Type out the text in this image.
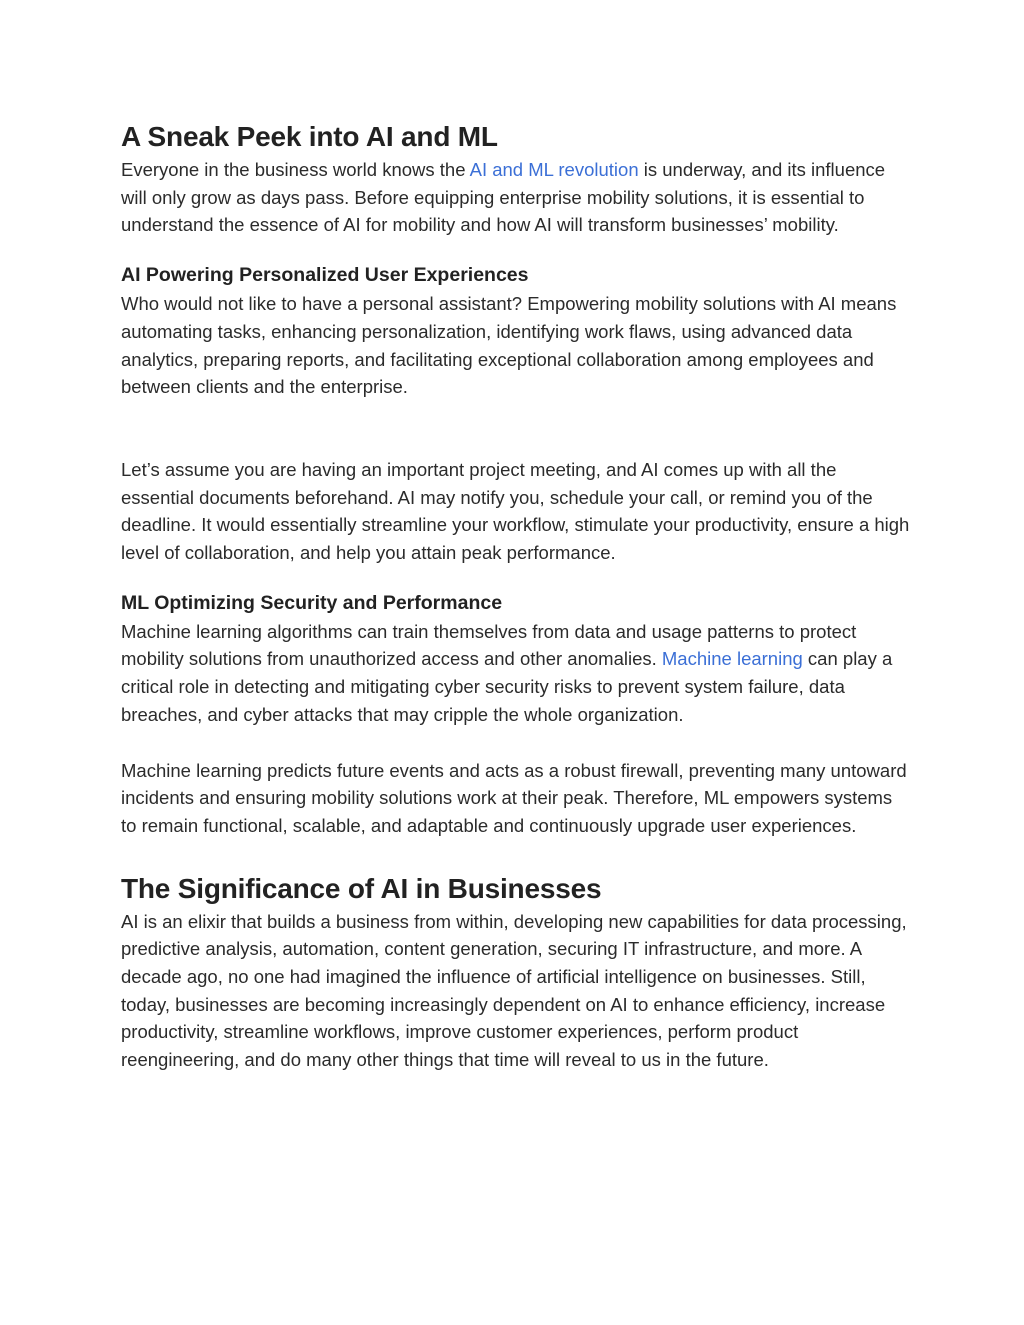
A Sneak Peek into AI and ML

Everyone in the business world knows the AI and ML revolution is underway, and its influence will only grow as days pass. Before equipping enterprise mobility solutions, it is essential to understand the essence of AI for mobility and how AI will transform businesses’ mobility.

AI Powering Personalized User Experiences

Who would not like to have a personal assistant? Empowering mobility solutions with AI means automating tasks, enhancing personalization, identifying work flaws, using advanced data analytics, preparing reports, and facilitating exceptional collaboration among employees and between clients and the enterprise.

Let’s assume you are having an important project meeting, and AI comes up with all the essential documents beforehand. AI may notify you, schedule your call, or remind you of the deadline. It would essentially streamline your workflow, stimulate your productivity, ensure a high level of collaboration, and help you attain peak performance.

ML Optimizing Security and Performance

Machine learning algorithms can train themselves from data and usage patterns to protect mobility solutions from unauthorized access and other anomalies. Machine learning can play a critical role in detecting and mitigating cyber security risks to prevent system failure, data breaches, and cyber attacks that may cripple the whole organization.

Machine learning predicts future events and acts as a robust firewall, preventing many untoward incidents and ensuring mobility solutions work at their peak. Therefore, ML empowers systems to remain functional, scalable, and adaptable and continuously upgrade user experiences.

The Significance of AI in Businesses

AI is an elixir that builds a business from within, developing new capabilities for data processing, predictive analysis, automation, content generation, securing IT infrastructure, and more. A decade ago, no one had imagined the influence of artificial intelligence on businesses. Still, today, businesses are becoming increasingly dependent on AI to enhance efficiency, increase productivity, streamline workflows, improve customer experiences, perform product reengineering, and do many other things that time will reveal to us in the future.
